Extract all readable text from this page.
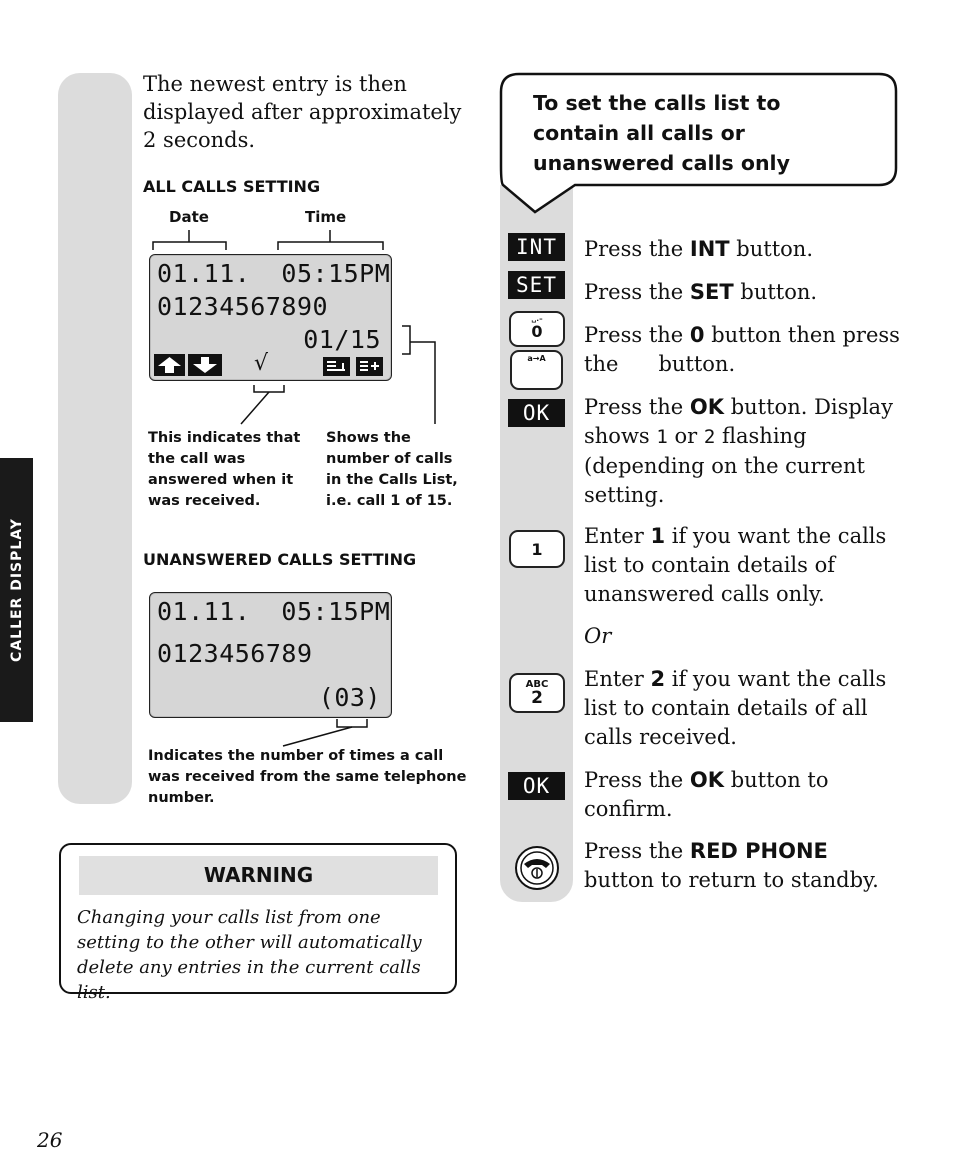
CALLER DISPLAY
The newest entry is then displayed after approximately 2 seconds.
ALL CALLS SETTING
Date	Time
01.11.  05:15PM
01234567890
01/15
√
This indicates that the call was answered when it was received.
Shows the number of calls in the Calls List, i.e. call 1 of 15.
UNANSWERED CALLS SETTING
01.11.  05:15PM
0123456789
(03)
Indicates the number of times a call was received from the same telephone number.
WARNING
Changing your calls list from one setting to the other will automatically delete any entries in the current calls list.
To set the calls list to contain all calls or unanswered calls only
INT
SET
␣.–
0
a→A
OK
1
ABC
2
OK
Press the INT button.
Press the SET button.
Press the 0 button then press the      button.
Press the OK button. Display shows 1 or 2 flashing (depending on the current setting.
Enter 1 if you want the calls list to contain details of unanswered calls only.
Or
Enter 2 if you want the calls list to contain details of all calls received.
Press the OK button to confirm.
Press the RED PHONE button to return to standby.
26
